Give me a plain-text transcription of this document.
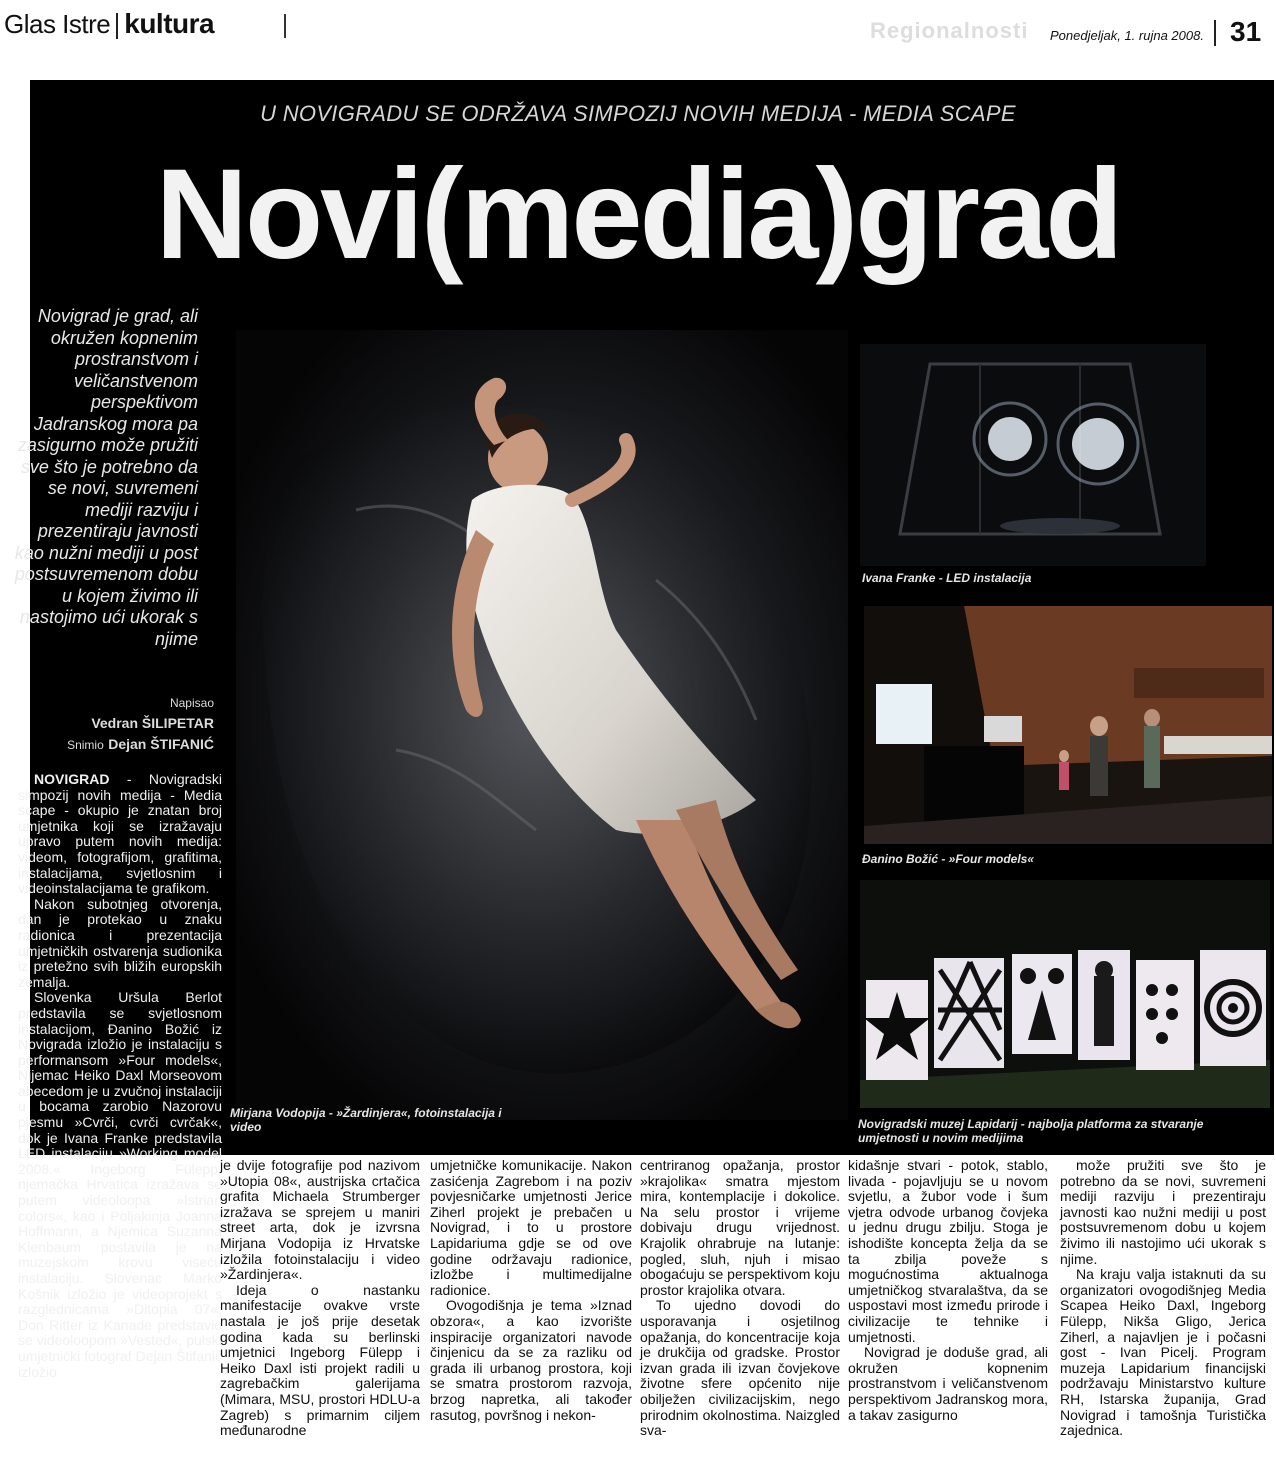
Glas Istre kultura	Regionalnosti Ponedjeljak, 1. rujna 2008. 31
U NOVIGRADU SE ODRŽAVA SIMPOZIJ NOVIH MEDIJA - MEDIA SCAPE
Novi(media)grad
Novigrad je grad, ali okružen kopnenim prostranstvom i veličanstvenom perspektivom Jadranskog mora pa zasigurno može pružiti sve što je potrebno da se novi, suvremeni mediji razviju i prezentiraju javnosti kao nužni mediji u post postsuvremenom dobu u kojem živimo ili nastojimo ući ukorak s njime
Napisao
Vedran ŠILIPETAR
Snimio Dejan ŠTIFANIĆ
Mirjana Vodopija - »Žardinjera«, fotoinstalacija i video
Ivana Franke - LED instalacija
Đanino Božić - »Four models«
Novigradski muzej Lapidarij - najbolja platforma za stvaranje umjetnosti u novim medijima

NOVIGRAD - Novigradski simpozij novih medija - Media scape - okupio je znatan broj umjetnika koji se izražavaju upravo putem novih medija: videom, fotografijom, grafitima, instalacijama, svjetlosnim i videoinstalacijama te grafikom.

Nakon subotnjeg otvorenja, dan je protekao u znaku radionica i prezentacija umjetničkih ostvarenja sudionika iz pretežno svih bližih europskih zemalja.

Slovenka Uršula Berlot predstavila se svjetlosnom instalacijom, Đanino Božić iz Novigrada izložio je instalaciju s performansom »Four models«, Nijemac Heiko Daxl Morseovom abecedom je u zvučnoj instalaciji u bocama zarobio Nazorovu pjesmu »Cvrči, cvrči cvrčak«, dok je Ivana Franke predstavila LED instalaciju »Working model 2008.« Ingeborg Fülepp, njemačka Hrvatica izražava se putem videoloopa »Istrian colors«, kao i Poljakinja Joanna Hoffmann, a Njemica Suzanna Kienbaum postavila je na muzejskom krovu viseću instalaciju. Slovenac Marko Košnik izložio je videoprojekt s razglednicama »Ditopia 07«, Don Ritter iz Kanade predstavio se videoloopom »Vested«, pulski umjetnički fotograf Dejan Štifanić izložio

je dvije fotografije pod nazivom »Utopia 08«, austrijska crtačica grafita Michaela Strumberger izražava se sprejem u maniri street arta, dok je izvrsna Mirjana Vodopija iz Hrvatske izložila fotoinstalaciju i video »Žardinjera«.

Ideja o nastanku manifestacije ovakve vrste nastala je još prije desetak godina kada su berlinski umjetnici Ingeborg Fülepp i Heiko Daxl isti projekt radili u zagrebačkim galerijama (Mimara, MSU, prostori HDLU-a Zagreb) s primarnim ciljem međunarodne

umjetničke komunikacije. Nakon zasićenja Zagrebom i na poziv povjesničarke umjetnosti Jerice Ziherl projekt je prebačen u Novigrad, i to u prostore Lapidariuma gdje se od ove godine održavaju radionice, izložbe i multimedijalne radionice.

Ovogodišnja je tema »Iznad obzora«, a kao izvorište inspiracije organizatori navode činjenicu da se za razliku od grada ili urbanog prostora, koji se smatra prostorom razvoja, brzog napretka, ali također rasutog, površnog i nekon-

centriranog opažanja, prostor »krajolika« smatra mjestom mira, kontemplacije i dokolice. Na selu prostor i vrijeme dobivaju drugu vrijednost. Krajolik ohrabruje na lutanje: pogled, sluh, njuh i misao obogaćuju se perspektivom koju prostor krajolika otvara.

To ujedno dovodi do usporavanja i osjetilnog opažanja, do koncentracije koja je drukčija od gradske. Prostor izvan grada ili izvan čovjekove životne sfere općenito nije obilježen civilizacijskim, nego prirodnim okolnostima. Naizgled sva-

kidašnje stvari - potok, stablo, livada - pojavljuju se u novom svjetlu, a žubor vode i šum vjetra odvode urbanog čovjeka u jednu drugu zbilju. Stoga je ishodište koncepta želja da se ta zbilja poveže s mogućnostima aktualnoga umjetničkog stvaralaštva, da se uspostavi most između prirode i civilizacije te tehnike i umjetnosti.

Novigrad je doduše grad, ali okružen kopnenim prostranstvom i veličanstvenom perspektivom Jadranskog mora, a takav zasigurno

može pružiti sve što je potrebno da se novi, suvremeni mediji razviju i prezentiraju javnosti kao nužni mediji u post postsuvremenom dobu u kojem živimo ili nastojimo ući ukorak s njime.

Na kraju valja istaknuti da su organizatori ovogodišnjeg Media Scapea Heiko Daxl, Ingeborg Fülepp, Nikša Gligo, Jerica Ziherl, a najavljen je i počasni gost - Ivan Picelj. Program muzeja Lapidarium financijski podržavaju Ministarstvo kulture RH, Istarska županija, Grad Novigrad i tamošnja Turistička zajednica.
